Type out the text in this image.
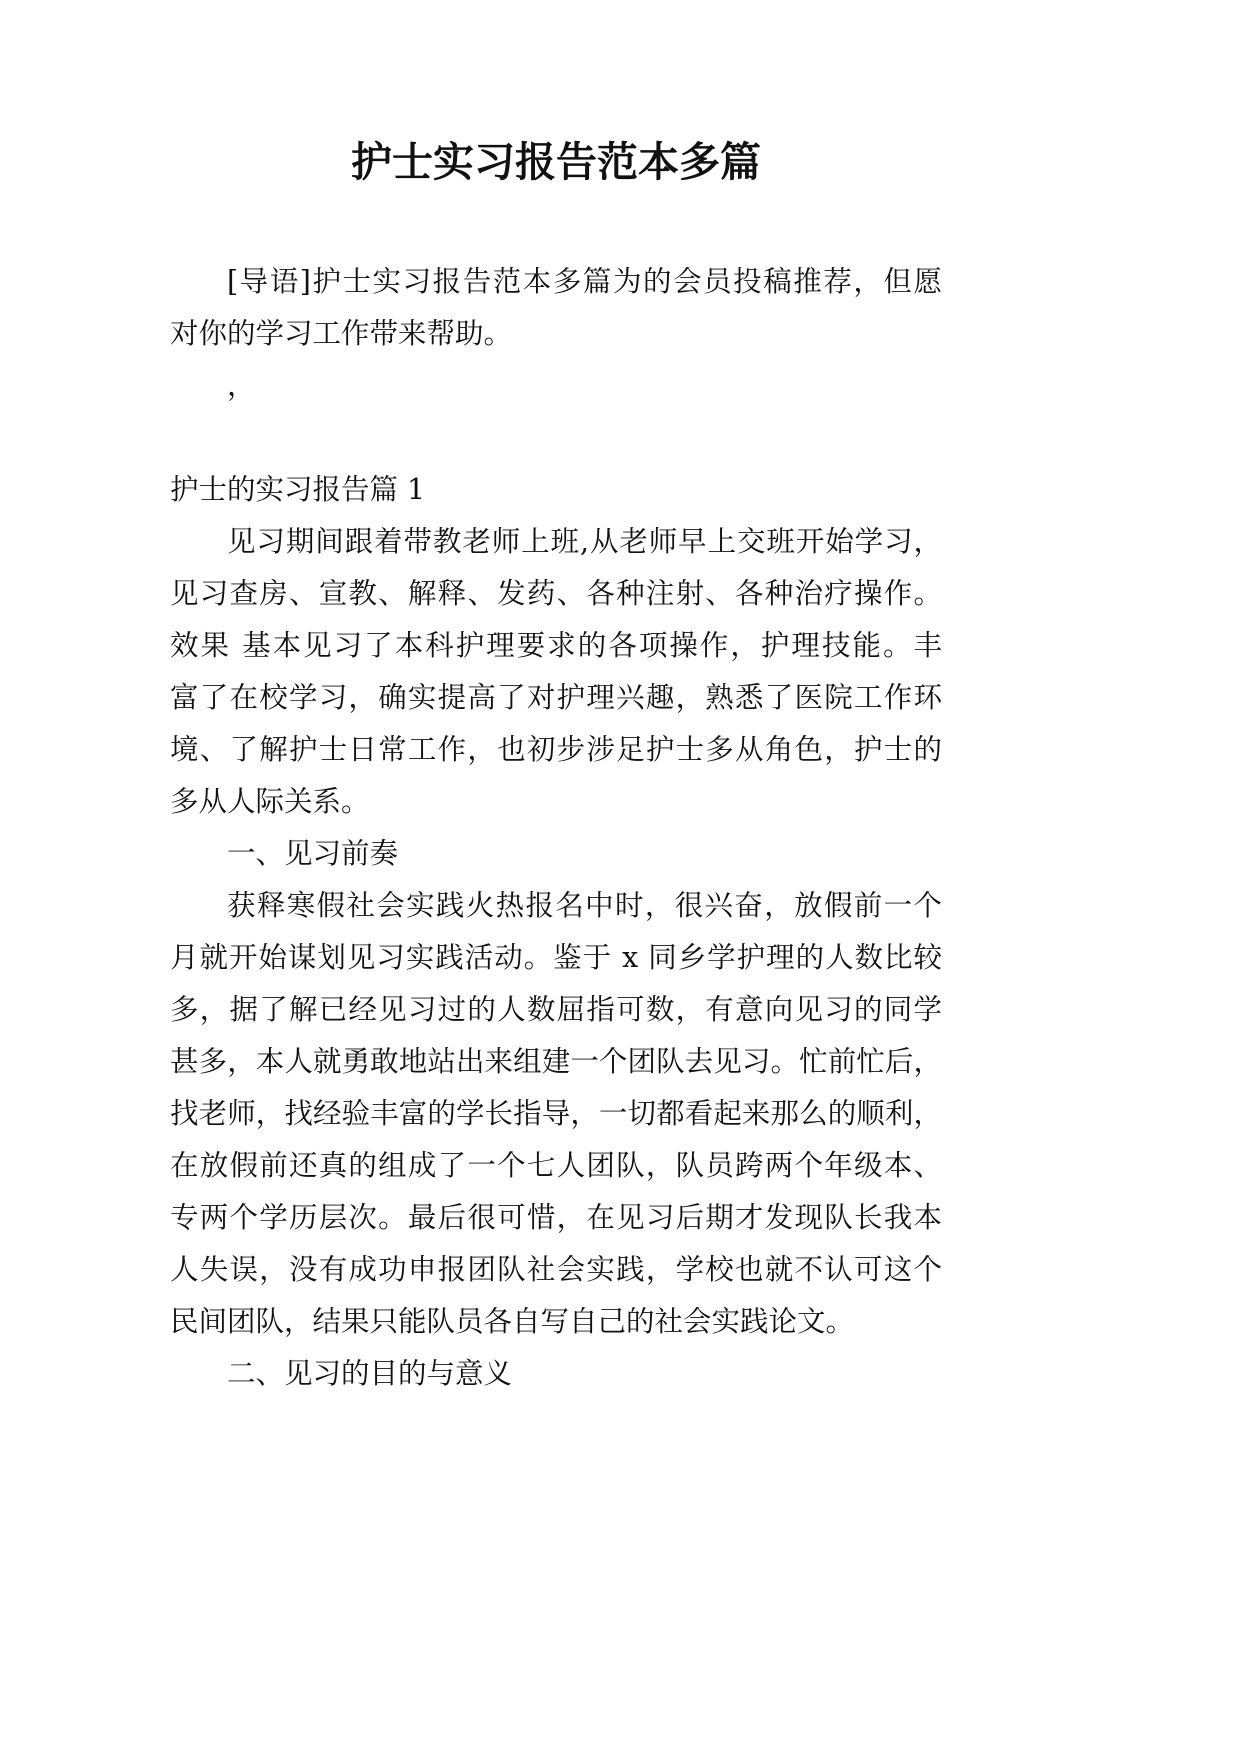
护士实习报告范本多篇
[导语]护士实习报告范本多篇为的会员投稿推荐，但愿
对你的学习工作带来帮助。
，
护士的实习报告篇 1
见习期间跟着带教老师上班,从老师早上交班开始学习，
见习查房、宣教、解释、发药、各种注射、各种治疗操作。
效果 基本见习了本科护理要求的各项操作，护理技能。丰
富了在校学习，确实提高了对护理兴趣，熟悉了医院工作环
境、了解护士日常工作，也初步涉足护士多从角色，护士的
多从人际关系。
一、见习前奏
获释寒假社会实践火热报名中时，很兴奋，放假前一个
月就开始谋划见习实践活动。鉴于 x 同乡学护理的人数比较
多，据了解已经见习过的人数屈指可数，有意向见习的同学
甚多，本人就勇敢地站出来组建一个团队去见习。忙前忙后，
找老师，找经验丰富的学长指导，一切都看起来那么的顺利，
在放假前还真的组成了一个七人团队，队员跨两个年级本、
专两个学历层次。最后很可惜，在见习后期才发现队长我本
人失误，没有成功申报团队社会实践，学校也就不认可这个
民间团队，结果只能队员各自写自己的社会实践论文。
二、见习的目的与意义
